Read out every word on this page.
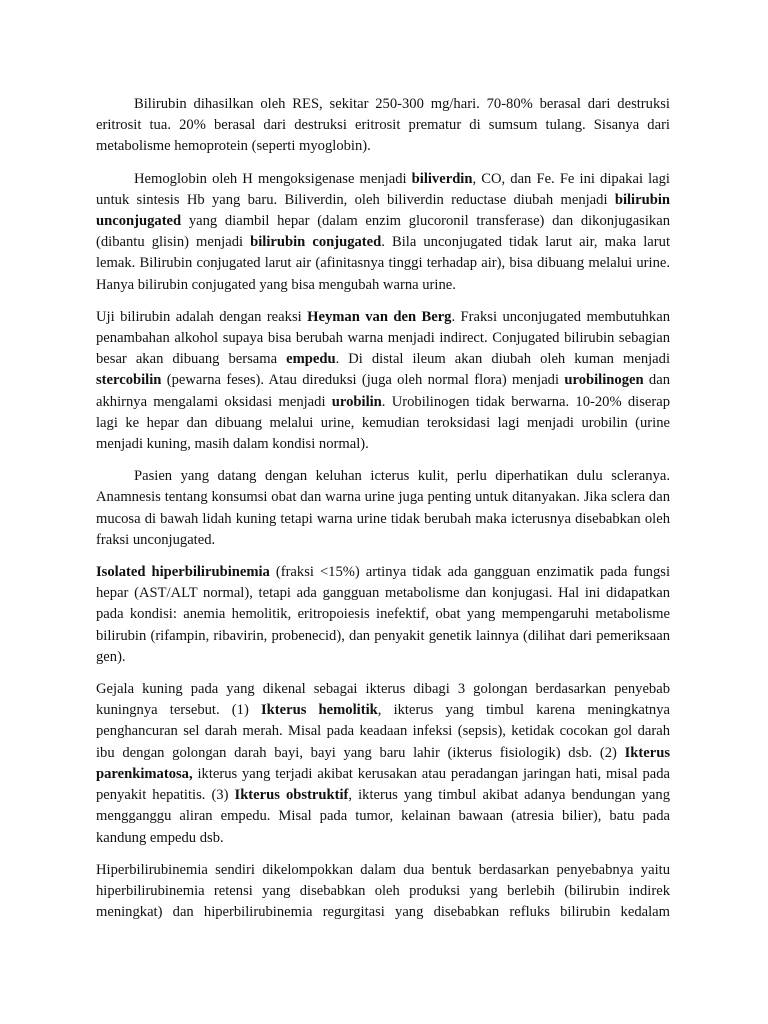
Bilirubin dihasilkan oleh RES, sekitar 250-300 mg/hari. 70-80% berasal dari destruksi eritrosit tua. 20% berasal dari destruksi eritrosit prematur di sumsum tulang. Sisanya dari metabolisme hemoprotein (seperti myoglobin).

Hemoglobin oleh H mengoksigenase menjadi biliverdin, CO, dan Fe. Fe ini dipakai lagi untuk sintesis Hb yang baru. Biliverdin, oleh biliverdin reductase diubah menjadi bilirubin unconjugated yang diambil hepar (dalam enzim glucoronil transferase) dan dikonjugasikan (dibantu glisin) menjadi bilirubin conjugated. Bila unconjugated tidak larut air, maka larut lemak. Bilirubin conjugated larut air (afinitasnya tinggi terhadap air), bisa dibuang melalui urine. Hanya bilirubin conjugated yang bisa mengubah warna urine.

Uji bilirubin adalah dengan reaksi Heyman van den Berg. Fraksi unconjugated membutuhkan penambahan alkohol supaya bisa berubah warna menjadi indirect. Conjugated bilirubin sebagian besar akan dibuang bersama empedu. Di distal ileum akan diubah oleh kuman menjadi stercobilin (pewarna feses). Atau direduksi (juga oleh normal flora) menjadi urobilinogen dan akhirnya mengalami oksidasi menjadi urobilin. Urobilinogen tidak berwarna. 10-20% diserap lagi ke hepar dan dibuang melalui urine, kemudian teroksidasi lagi menjadi urobilin (urine menjadi kuning, masih dalam kondisi normal).

Pasien yang datang dengan keluhan icterus kulit, perlu diperhatikan dulu scleranya. Anamnesis tentang konsumsi obat dan warna urine juga penting untuk ditanyakan. Jika sclera dan mucosa di bawah lidah kuning tetapi warna urine tidak berubah maka icterusnya disebabkan oleh fraksi unconjugated.

Isolated hiperbilirubinemia (fraksi <15%) artinya tidak ada gangguan enzimatik pada fungsi hepar (AST/ALT normal), tetapi ada gangguan metabolisme dan konjugasi. Hal ini didapatkan pada kondisi: anemia hemolitik, eritropoiesis inefektif, obat yang mempengaruhi metabolisme bilirubin (rifampin, ribavirin, probenecid), dan penyakit genetik lainnya (dilihat dari pemeriksaan gen).

Gejala kuning pada yang dikenal sebagai ikterus dibagi 3 golongan berdasarkan penyebab kuningnya tersebut. (1) Ikterus hemolitik, ikterus yang timbul karena meningkatnya penghancuran sel darah merah. Misal pada keadaan infeksi (sepsis), ketidak cocokan gol darah ibu dengan golongan darah bayi, bayi yang baru lahir (ikterus fisiologik) dsb. (2) Ikterus parenkimatosa, ikterus yang terjadi akibat kerusakan atau peradangan jaringan hati, misal pada penyakit hepatitis. (3) Ikterus obstruktif, ikterus yang timbul akibat adanya bendungan yang mengganggu aliran empedu. Misal pada tumor, kelainan bawaan (atresia bilier), batu pada kandung empedu dsb.

Hiperbilirubinemia sendiri dikelompokkan dalam dua bentuk berdasarkan penyebabnya yaitu hiperbilirubinemia retensi yang disebabkan oleh produksi yang berlebih (bilirubin indirek meningkat) dan hiperbilirubinemia regurgitasi yang disebabkan refluks bilirubin kedalam
